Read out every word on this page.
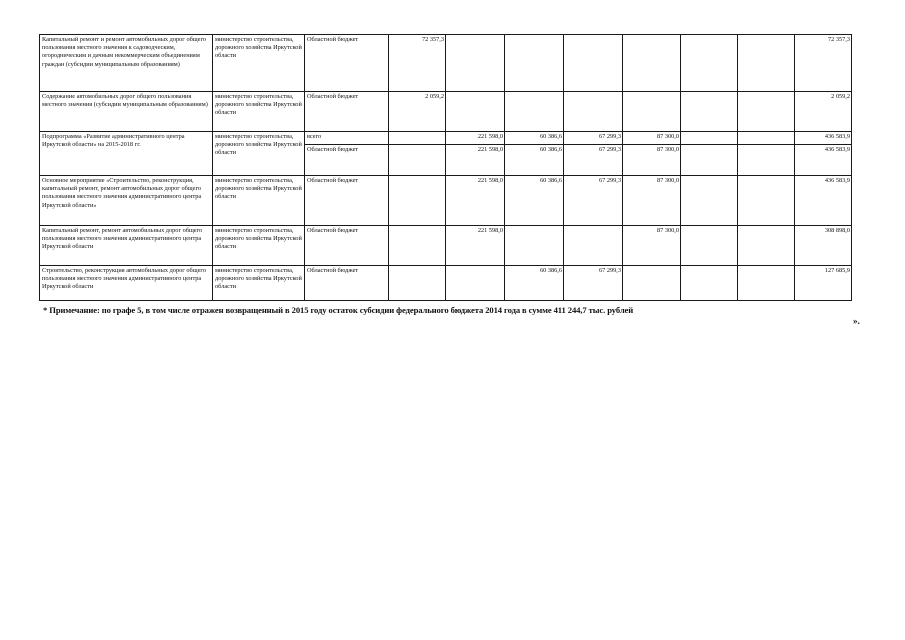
Капитальный ремонт и ремонт автомобильных дорог общего пользования местного значения к садоводческим, огородническим и дачным некоммерческим объединениям граждан (субсидии муниципальным образованиям)	министерство строительства, дорожного хозяйства Иркутской области	Областной бюджет	72 357,3							72 357,3
Содержание автомобильных дорог общего пользования местного значения (субсидии муниципальным образованиям)	министерство строительства, дорожного хозяйства Иркутской области	Областной бюджет	2 059,2							2 059,2
Подпрограмма «Развитие административного центра Иркутской области» на 2015-2018 гг.	министерство строительства, дорожного хозяйства Иркутской области	всего		221 598,0	60 386,6	67 299,3	87 300,0			436 583,9
		Областной бюджет		221 598,0	60 386,6	67 299,3	87 300,0			436 583,9
Основное мероприятие «Строительство, реконструкция, капитальный ремонт, ремонт автомобильных дорог общего пользования местного значения административного центра Иркутской области»	министерство строительства, дорожного хозяйства Иркутской области	Областной бюджет		221 598,0	60 386,6	67 299,3	87 300,0			436 583,9
Капитальный ремонт, ремонт автомобильных дорог общего пользования местного значения административного центра Иркутской области	министерство строительства, дорожного хозяйства Иркутской области	Областной бюджет		221 598,0			87 300,0			308 898,0
Строительство, реконструкция автомобильных дорог общего пользования местного значения административного центра Иркутской области	министерство строительства, дорожного хозяйства Иркутской области	Областной бюджет			60 386,6	67 299,3				127 685,9
* Примечание: по графе 5, в том числе отражен возвращенный в 2015 году остаток субсидии федерального бюджета 2014 года в сумме 411 244,7 тыс. рублей
».
